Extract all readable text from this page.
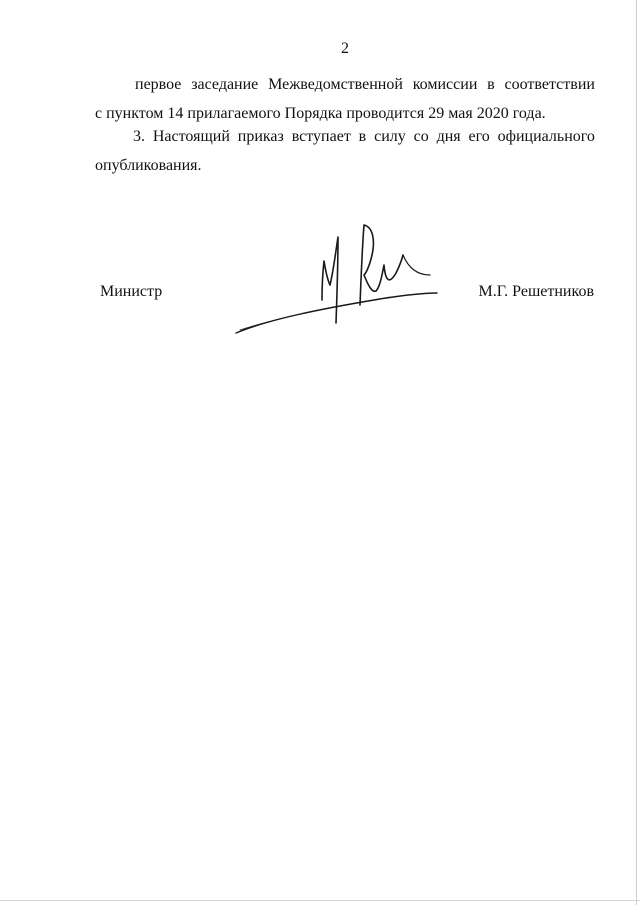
2
первое заседание Межведомственной комиссии в соответствии
с пунктом 14 прилагаемого Порядка проводится 29 мая 2020 года.
3. Настоящий приказ вступает в силу со дня его официального
опубликования.
Министр	М.Г. Решетников
